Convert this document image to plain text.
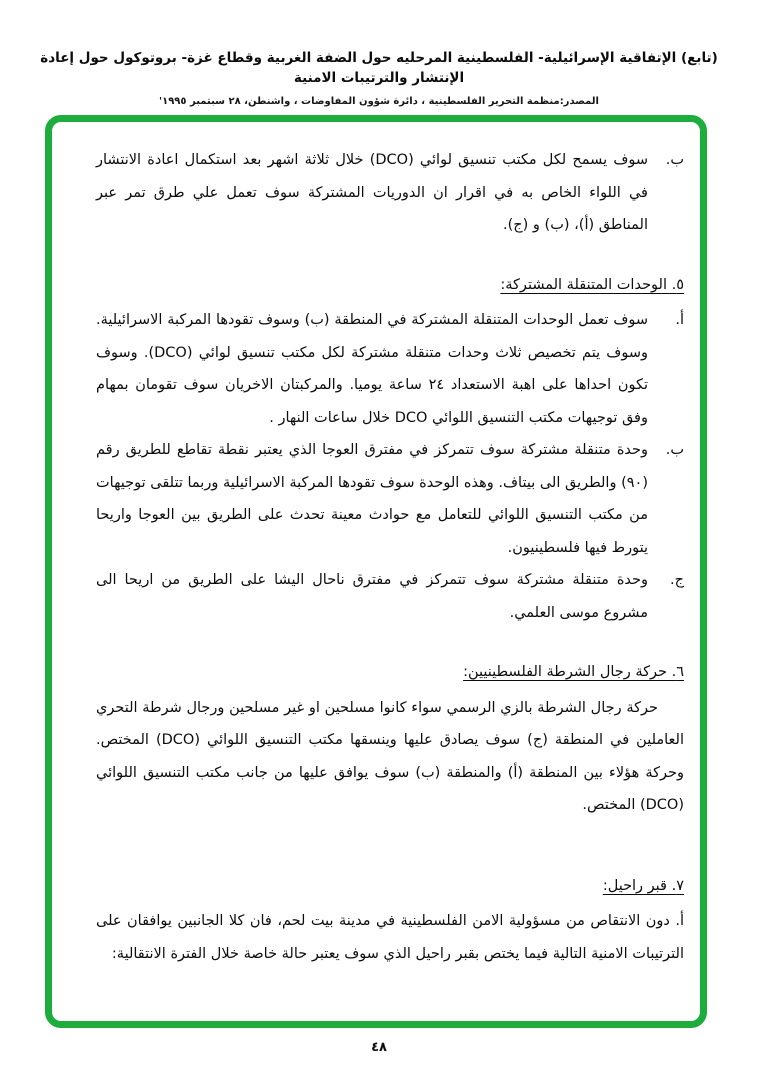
(تابع) الإتفاقية الإسرائيلية- الفلسطينية المرحليه حول الضفة الغربية وقطاع غزة- بروتوكول حول إعادة الإنتشار والترتيبات الامنية
المصدر:منظمة التحرير الفلسطينية ، دائرة شؤون المفاوضات ، واشنطن، ٢٨ سبتمبر ١٩٩٥'
ب.
سوف يسمح لكل مكتب تنسيق لوائي (DCO) خلال ثلاثة اشهر بعد استكمال اعادة الانتشار في اللواء الخاص به في اقرار ان الدوريات المشتركة سوف تعمل علي طرق تمر عبر المناطق (أ)، (ب) و (ج).
٥. الوحدات المتنقلة المشتركة:
أ.
سوف تعمل الوحدات المتنقلة المشتركة في المنطقة (ب) وسوف تقودها المركبة الاسرائيلية. وسوف يتم تخصيص ثلاث وحدات متنقلة مشتركة لكل مكتب تنسيق لوائي (DCO). وسوف تكون احداها على اهبة الاستعداد ٢٤ ساعة يوميا. والمركبتان الاخريان سوف تقومان بمهام وفق توجيهات مكتب التنسيق اللوائي DCO خلال ساعات النهار .
ب.
وحدة متنقلة مشتركة سوف تتمركز في مفترق العوجا الذي يعتبر نقطة تقاطع للطريق رقم (٩٠) والطريق الى بيتاف. وهذه الوحدة سوف تقودها المركبة الاسرائيلية وربما تتلقى توجيهات من مكتب التنسيق اللوائي للتعامل مع حوادث معينة تحدث على الطريق بين العوجا واريحا يتورط فيها فلسطينيون.
ج.
وحدة متنقلة مشتركة سوف تتمركز في مفترق ناحال اليشا على الطريق من اريحا الى مشروع موسى العلمي.
٦. حركة رجال الشرطة الفلسطينيين:
حركة رجال الشرطة بالزي الرسمي سواء كانوا مسلحين او غير مسلحين ورجال شرطة التحري العاملين في المنطقة (ج) سوف يصادق عليها وينسقها مكتب التنسيق اللوائي (DCO) المختص. وحركة هؤلاء بين المنطقة (أ) والمنطقة (ب) سوف يوافق عليها من جانب مكتب التنسيق اللوائي (DCO) المختص.
٧. قبر راحيل:
أ. دون الانتقاص من مسؤولية الامن الفلسطينية في مدينة بيت لحم، فان كلا الجانبين يوافقان على الترتيبات الامنية التالية فيما يختص بقبر راحيل الذي سوف يعتبر حالة خاصة خلال الفترة الانتقالية:
٤٨
